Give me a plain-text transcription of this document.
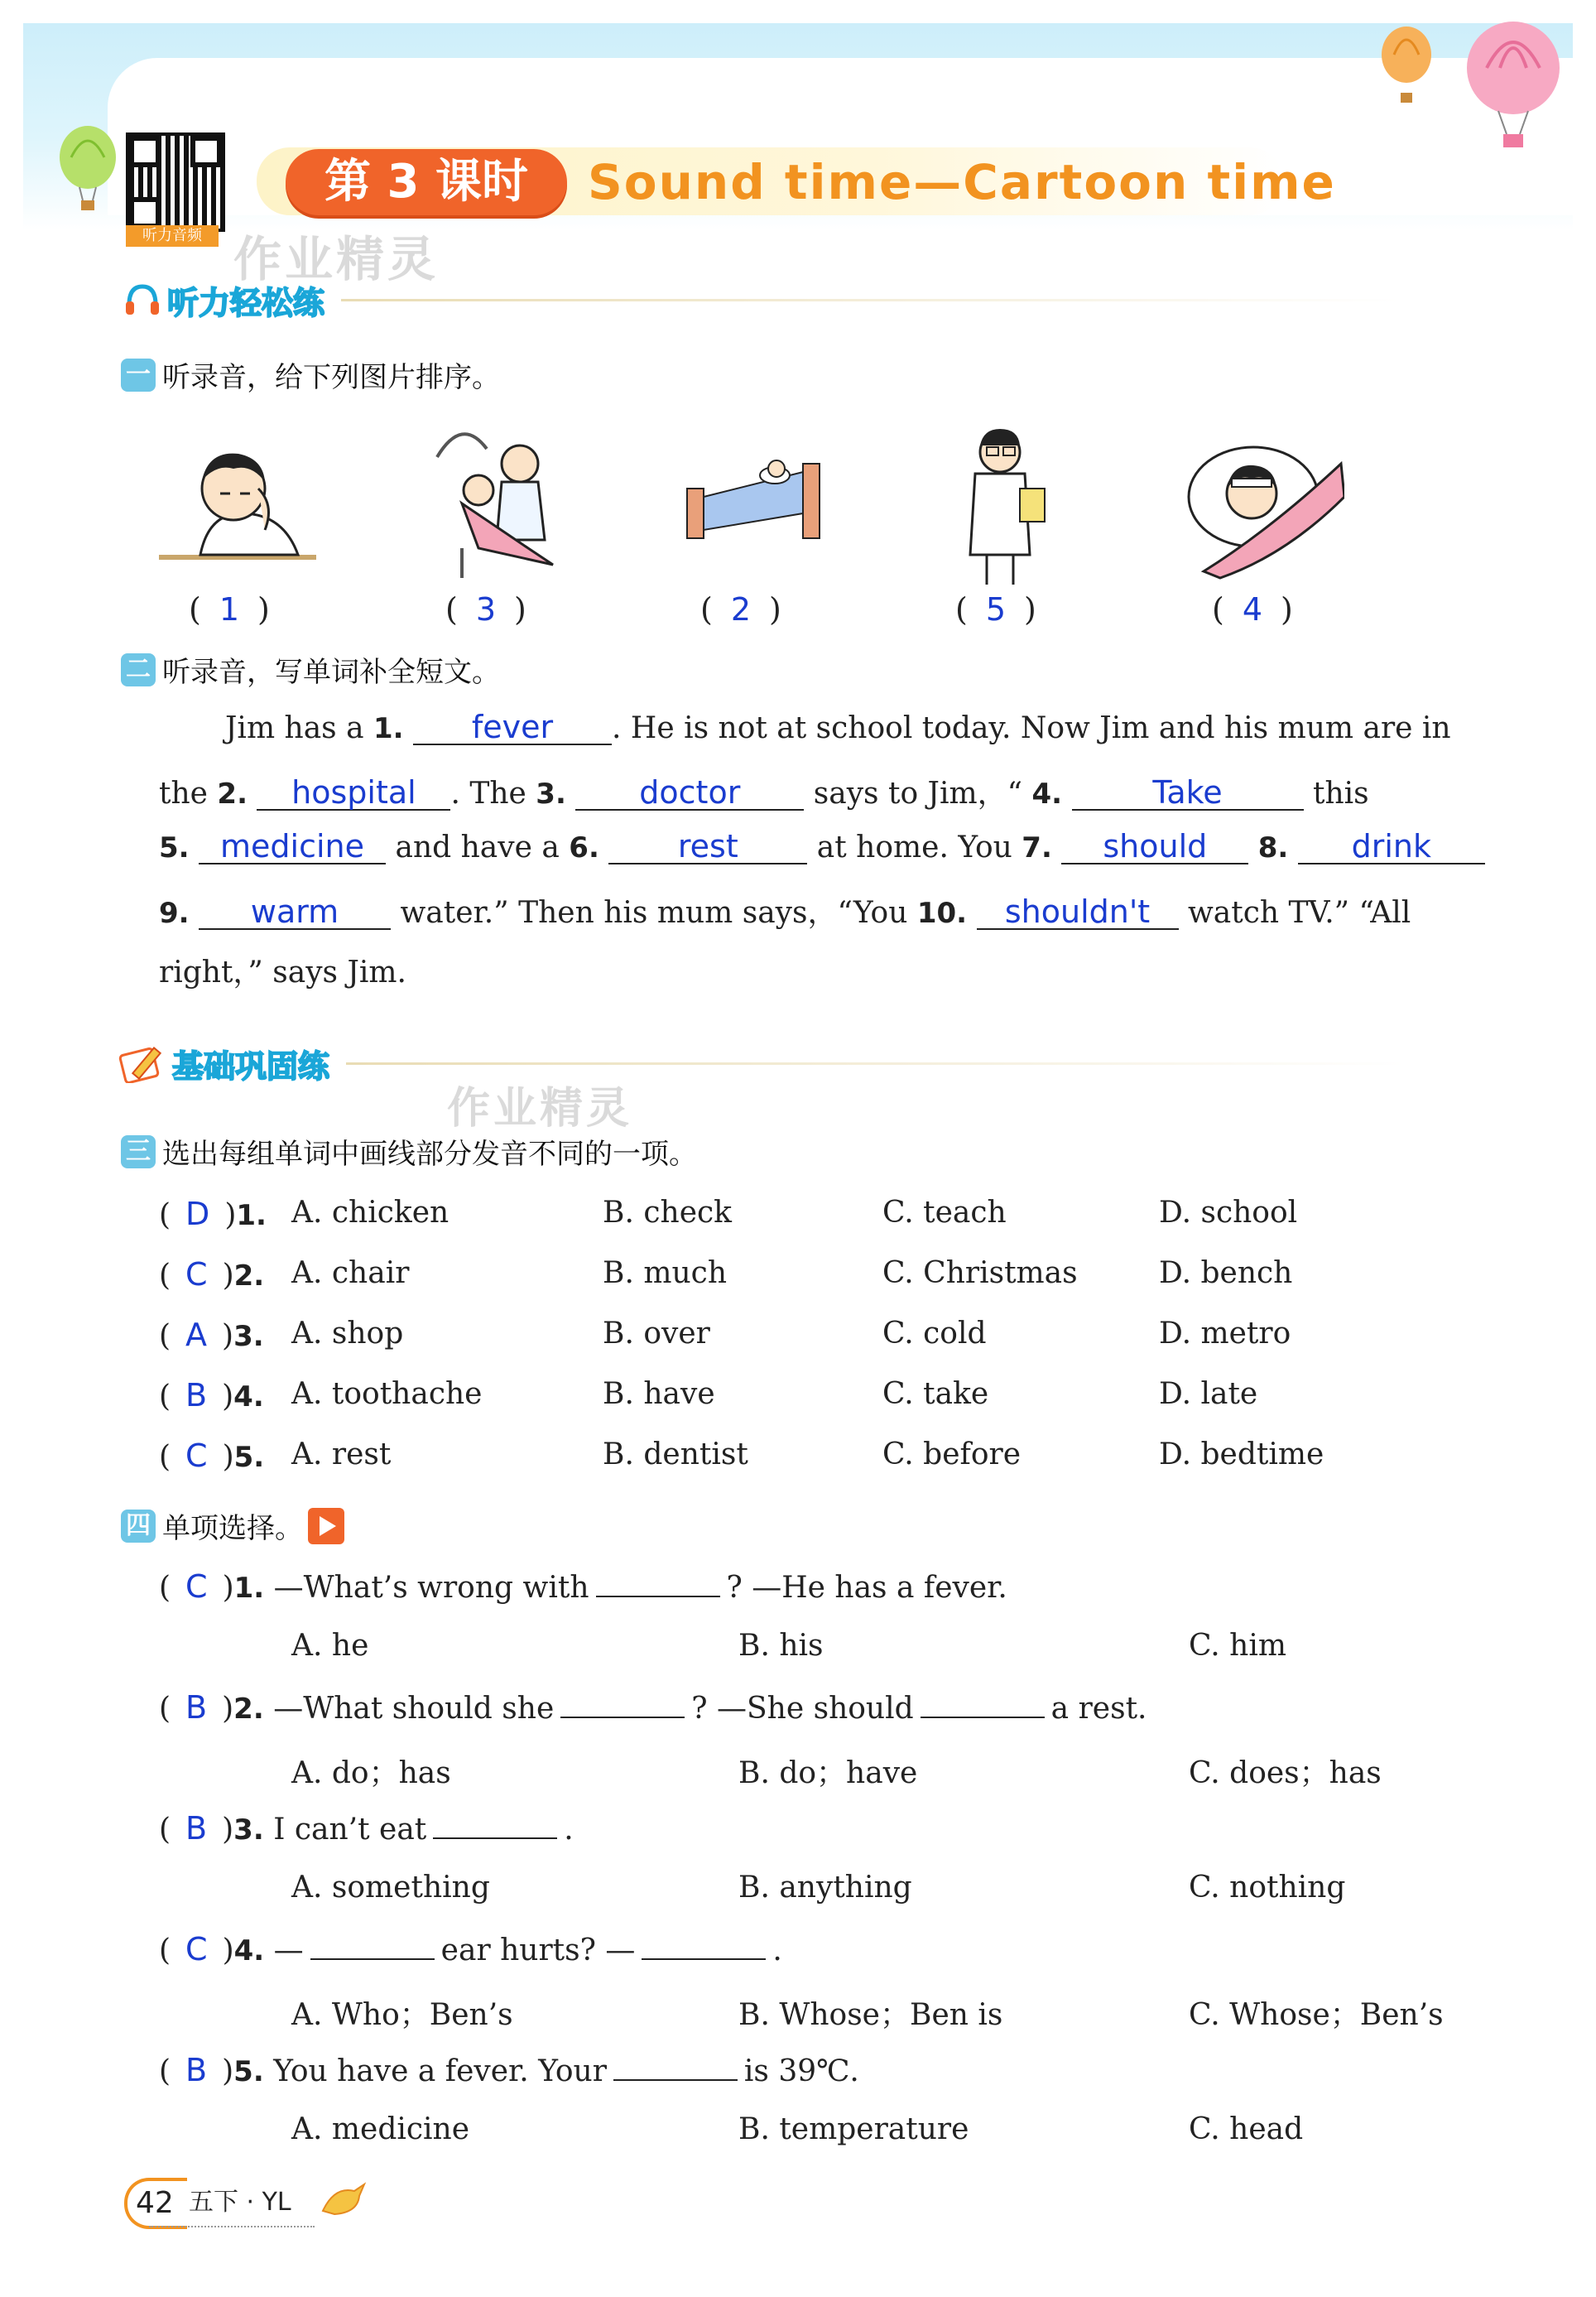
听力音频
第 3 课时	Sound time—Cartoon time
作业精灵
听力轻松练
一 听录音，给下列图片排序。
( 1 )	( 3 )	( 2 )	( 5 )	( 4 )
二 听录音，写单词补全短文。
Jim has a 1. fever . He is not at school today. Now Jim and his mum are in
the 2. hospital . The 3. doctor says to Jim，“ 4.	Take	this
5. medicine and have a 6.	rest	at home. You 7. should 8. drink
9. warm water.” Then his mum says，“You 10. shouldn't watch TV.” “All
right，” says Jim.
基础巩固练
作业精灵
三 选出每组单词中画线部分发音不同的一项。
( D )1. A. chicken	B. check	C. teach	D. school
( C )2. A. chair	B. much	C. Christmas	D. bench
( A )3. A. shop	B. over	C. cold	D. metro
( B )4. A. toothache	B. have	C. take	D. late
( C )5. A. rest	B. dentist	C. before	D. bedtime
四 单项选择。
( C )1. —What’s wrong with	? —He has a fever.
A. he	B. his	C. him
( B )2. —What should she	? —She should	a rest.
A. do；has	B. do；have	C. does；has
( B )3. I can’t eat	.
A. something	B. anything	C. nothing
( C )4. —	ear hurts? —	.
A. Who；Ben’s	B. Whose；Ben is	C. Whose；Ben’s
( B )5. You have a fever. Your	is 39℃.
A. medicine	B. temperature	C. head
42 五下 · YL
